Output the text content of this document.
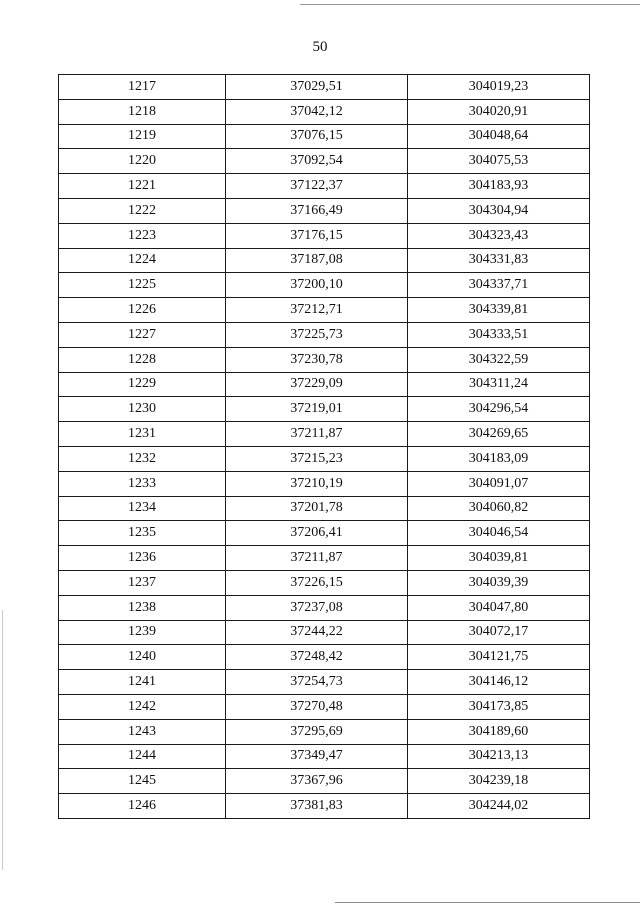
50
1217	37029,51	304019,23
1218	37042,12	304020,91
1219	37076,15	304048,64
1220	37092,54	304075,53
1221	37122,37	304183,93
1222	37166,49	304304,94
1223	37176,15	304323,43
1224	37187,08	304331,83
1225	37200,10	304337,71
1226	37212,71	304339,81
1227	37225,73	304333,51
1228	37230,78	304322,59
1229	37229,09	304311,24
1230	37219,01	304296,54
1231	37211,87	304269,65
1232	37215,23	304183,09
1233	37210,19	304091,07
1234	37201,78	304060,82
1235	37206,41	304046,54
1236	37211,87	304039,81
1237	37226,15	304039,39
1238	37237,08	304047,80
1239	37244,22	304072,17
1240	37248,42	304121,75
1241	37254,73	304146,12
1242	37270,48	304173,85
1243	37295,69	304189,60
1244	37349,47	304213,13
1245	37367,96	304239,18
1246	37381,83	304244,02
